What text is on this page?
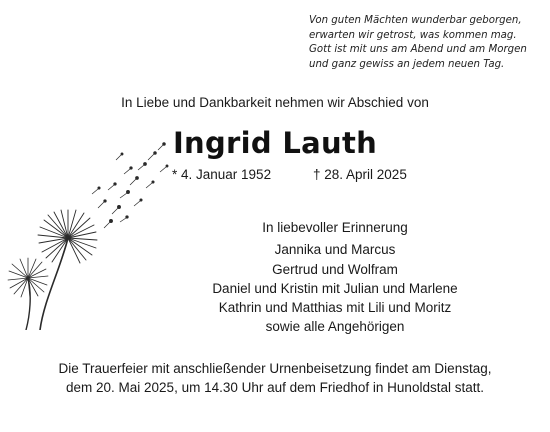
Von guten Mächten wunderbar geborgen,
erwarten wir getrost, was kommen mag.
Gott ist mit uns am Abend und am Morgen
und ganz gewiss an jedem neuen Tag.
In Liebe und Dankbarkeit nehmen wir Abschied von
Ingrid Lauth
* 4. Januar 1952	† 28. April 2025
In liebevoller Erinnerung
Jannika und Marcus
Gertrud und Wolfram
Daniel und Kristin mit Julian und Marlene
Kathrin und Matthias mit Lili und Moritz
sowie alle Angehörigen
Die Trauerfeier mit anschließender Urnenbeisetzung findet am Dienstag,
dem 20. Mai 2025, um 14.30 Uhr auf dem Friedhof in Hunoldstal statt.
